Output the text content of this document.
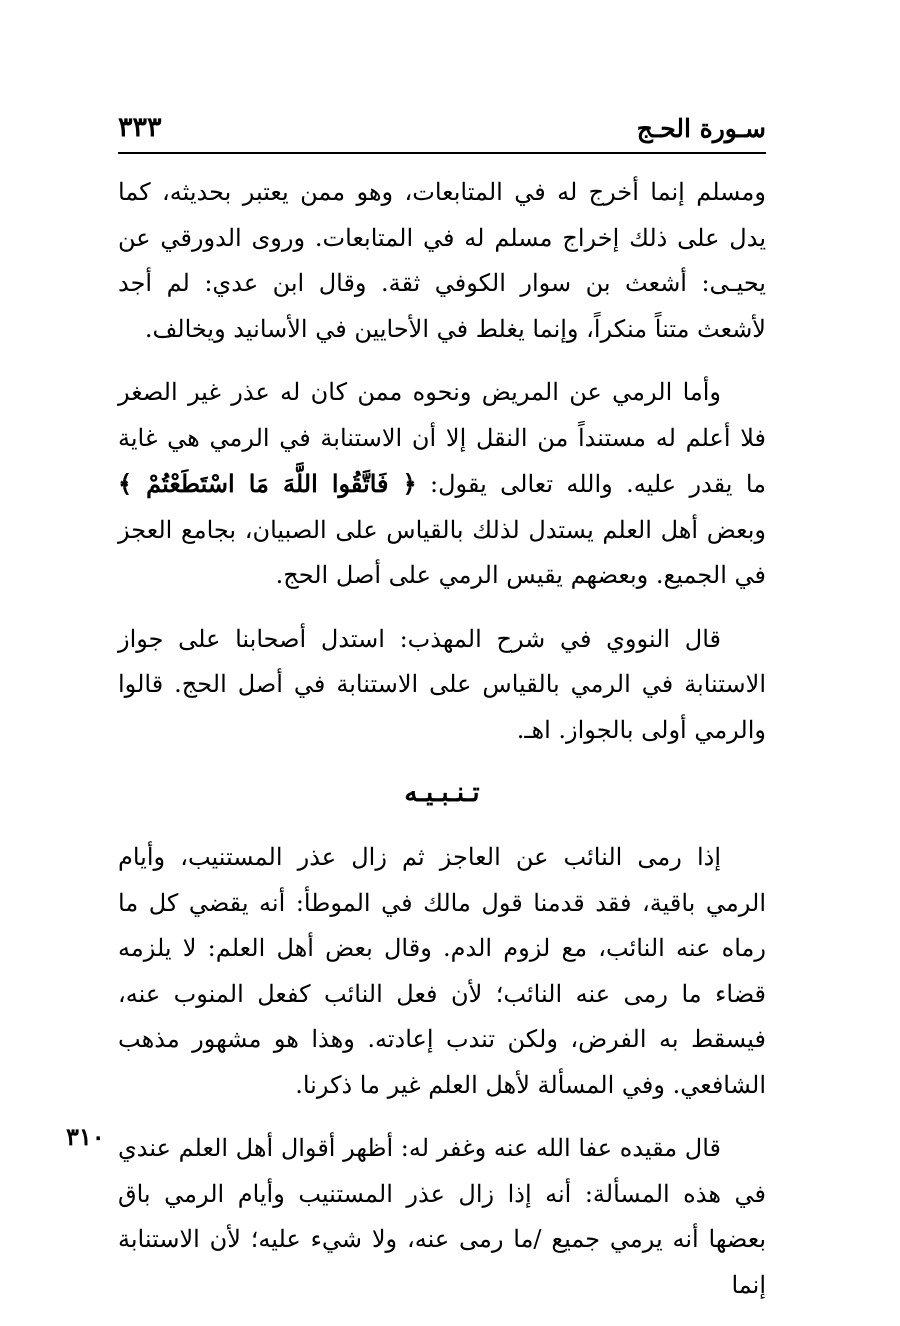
سـورة الحـج
٣٣٣

ومسلم إنما أخرج له في المتابعات، وهو ممن يعتبر بحديثه، كما يدل على ذلك إخراج مسلم له في المتابعات. وروى الدورقي عن يحيـى: أشعث بن سوار الكوفي ثقة. وقال ابن عدي: لم أجد لأشعث متناً منكراً، وإنما يغلط في الأحايين في الأسانيد ويخالف.

وأما الرمي عن المريض ونحوه ممن كان له عذر غير الصغر فلا أعلم له مستنداً من النقل إلا أن الاستنابة في الرمي هي غاية ما يقدر عليه. والله تعالى يقول: ﴿ فَاتَّقُوا اللَّهَ مَا اسْتَطَعْتُمْ ﴾ وبعض أهل العلم يستدل لذلك بالقياس على الصبيان، بجامع العجز في الجميع. وبعضهم يقيس الرمي على أصل الحج.

قال النووي في شرح المهذب: استدل أصحابنا على جواز الاستنابة في الرمي بالقياس على الاستنابة في أصل الحج. قالوا والرمي أولى بالجواز. اهـ.

تـنـبـيـه

إذا رمى النائب عن العاجز ثم زال عذر المستنيب، وأيام الرمي باقية، فقد قدمنا قول مالك في الموطأ: أنه يقضي كل ما رماه عنه النائب، مع لزوم الدم. وقال بعض أهل العلم: لا يلزمه قضاء ما رمى عنه النائب؛ لأن فعل النائب كفعل المنوب عنه، فيسقط به الفرض، ولكن تندب إعادته. وهذا هو مشهور مذهب الشافعي. وفي المسألة لأهل العلم غير ما ذكرنا.

قال مقيده عفا الله عنه وغفر له: أظهر أقوال أهل العلم عندي في هذه المسألة: أنه إذا زال عذر المستنيب وأيام الرمي باق بعضها أنه يرمي جميع /ما رمى عنه، ولا شيء عليه؛ لأن الاستنابة إنما

٣١٠
